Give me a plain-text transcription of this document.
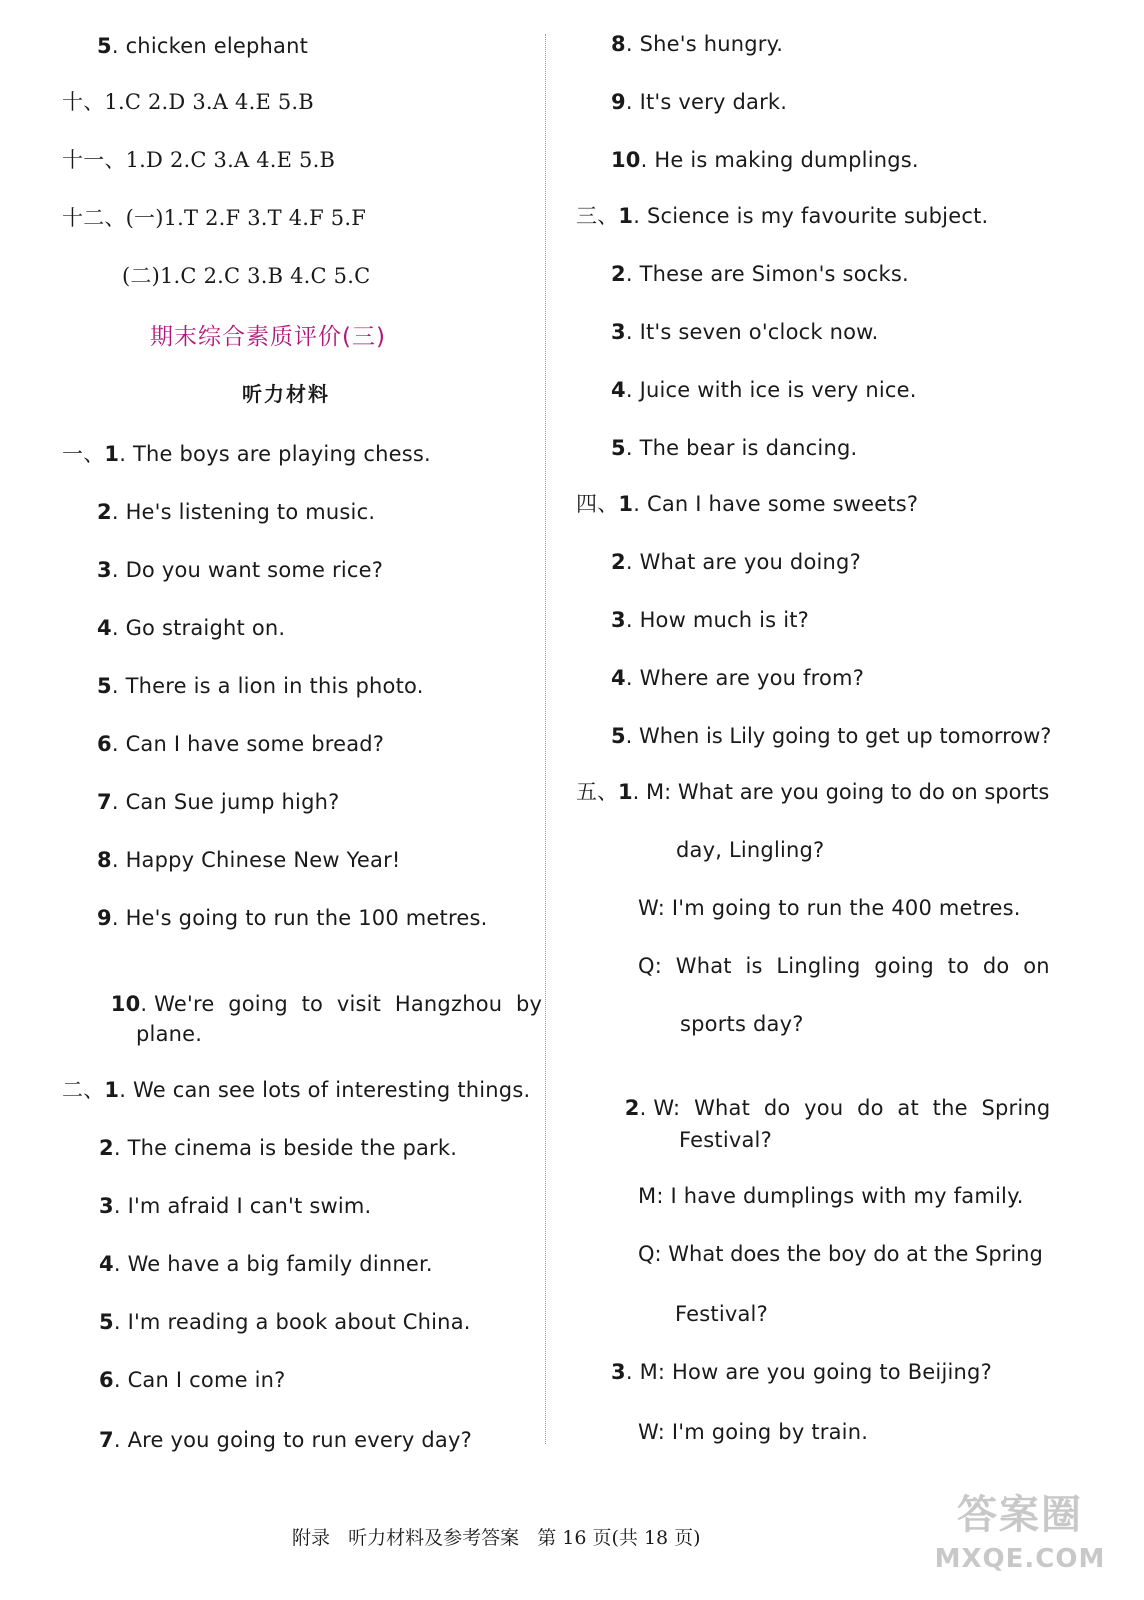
5. chicken elephant
十、1.C 2.D 3.A 4.E 5.B
十一、1.D 2.C 3.A 4.E 5.B
十二、(一)1.T 2.F 3.T 4.F 5.F
(二)1.C 2.C 3.B 4.C 5.C
期末综合素质评价(三)
听力材料
一、1. The boys are playing chess.
2. He's listening to music.
3. Do you want some rice?
4. Go straight on.
5. There is a lion in this photo.
6. Can I have some bread?
7. Can Sue jump high?
8. Happy Chinese New Year!
9. He's going to run the 100 metres.

10. We're  going  to  visit  Hangzhou  by

plane.
二、1. We can see lots of interesting things.
2. The cinema is beside the park.
3. I'm afraid I can't swim.
4. We have a big family dinner.
5. I'm reading a book about China.
6. Can I come in?
7. Are you going to run every day?
8. She's hungry.
9. It's very dark.
10. He is making dumplings.
三、1. Science is my favourite subject.
2. These are Simon's socks.
3. It's seven o'clock now.
4. Juice with ice is very nice.
5. The bear is dancing.
四、1. Can I have some sweets?
2. What are you doing?
3. How much is it?
4. Where are you from?
5. When is Lily going to get up tomorrow?
五、1. M: What are you going to do on sports
day, Lingling?
W: I'm going to run the 400 metres.
Q:  What  is  Lingling  going  to  do  on
sports day?

2. W:  What  do  you  do  at  the  Spring

Festival?
M: I have dumplings with my family.
Q: What does the boy do at the Spring
Festival?
3. M: How are you going to Beijing?
W: I'm going by train.
附录   听力材料及参考答案   第 16 页(共 18 页)	答案圈
MXQE.COM
